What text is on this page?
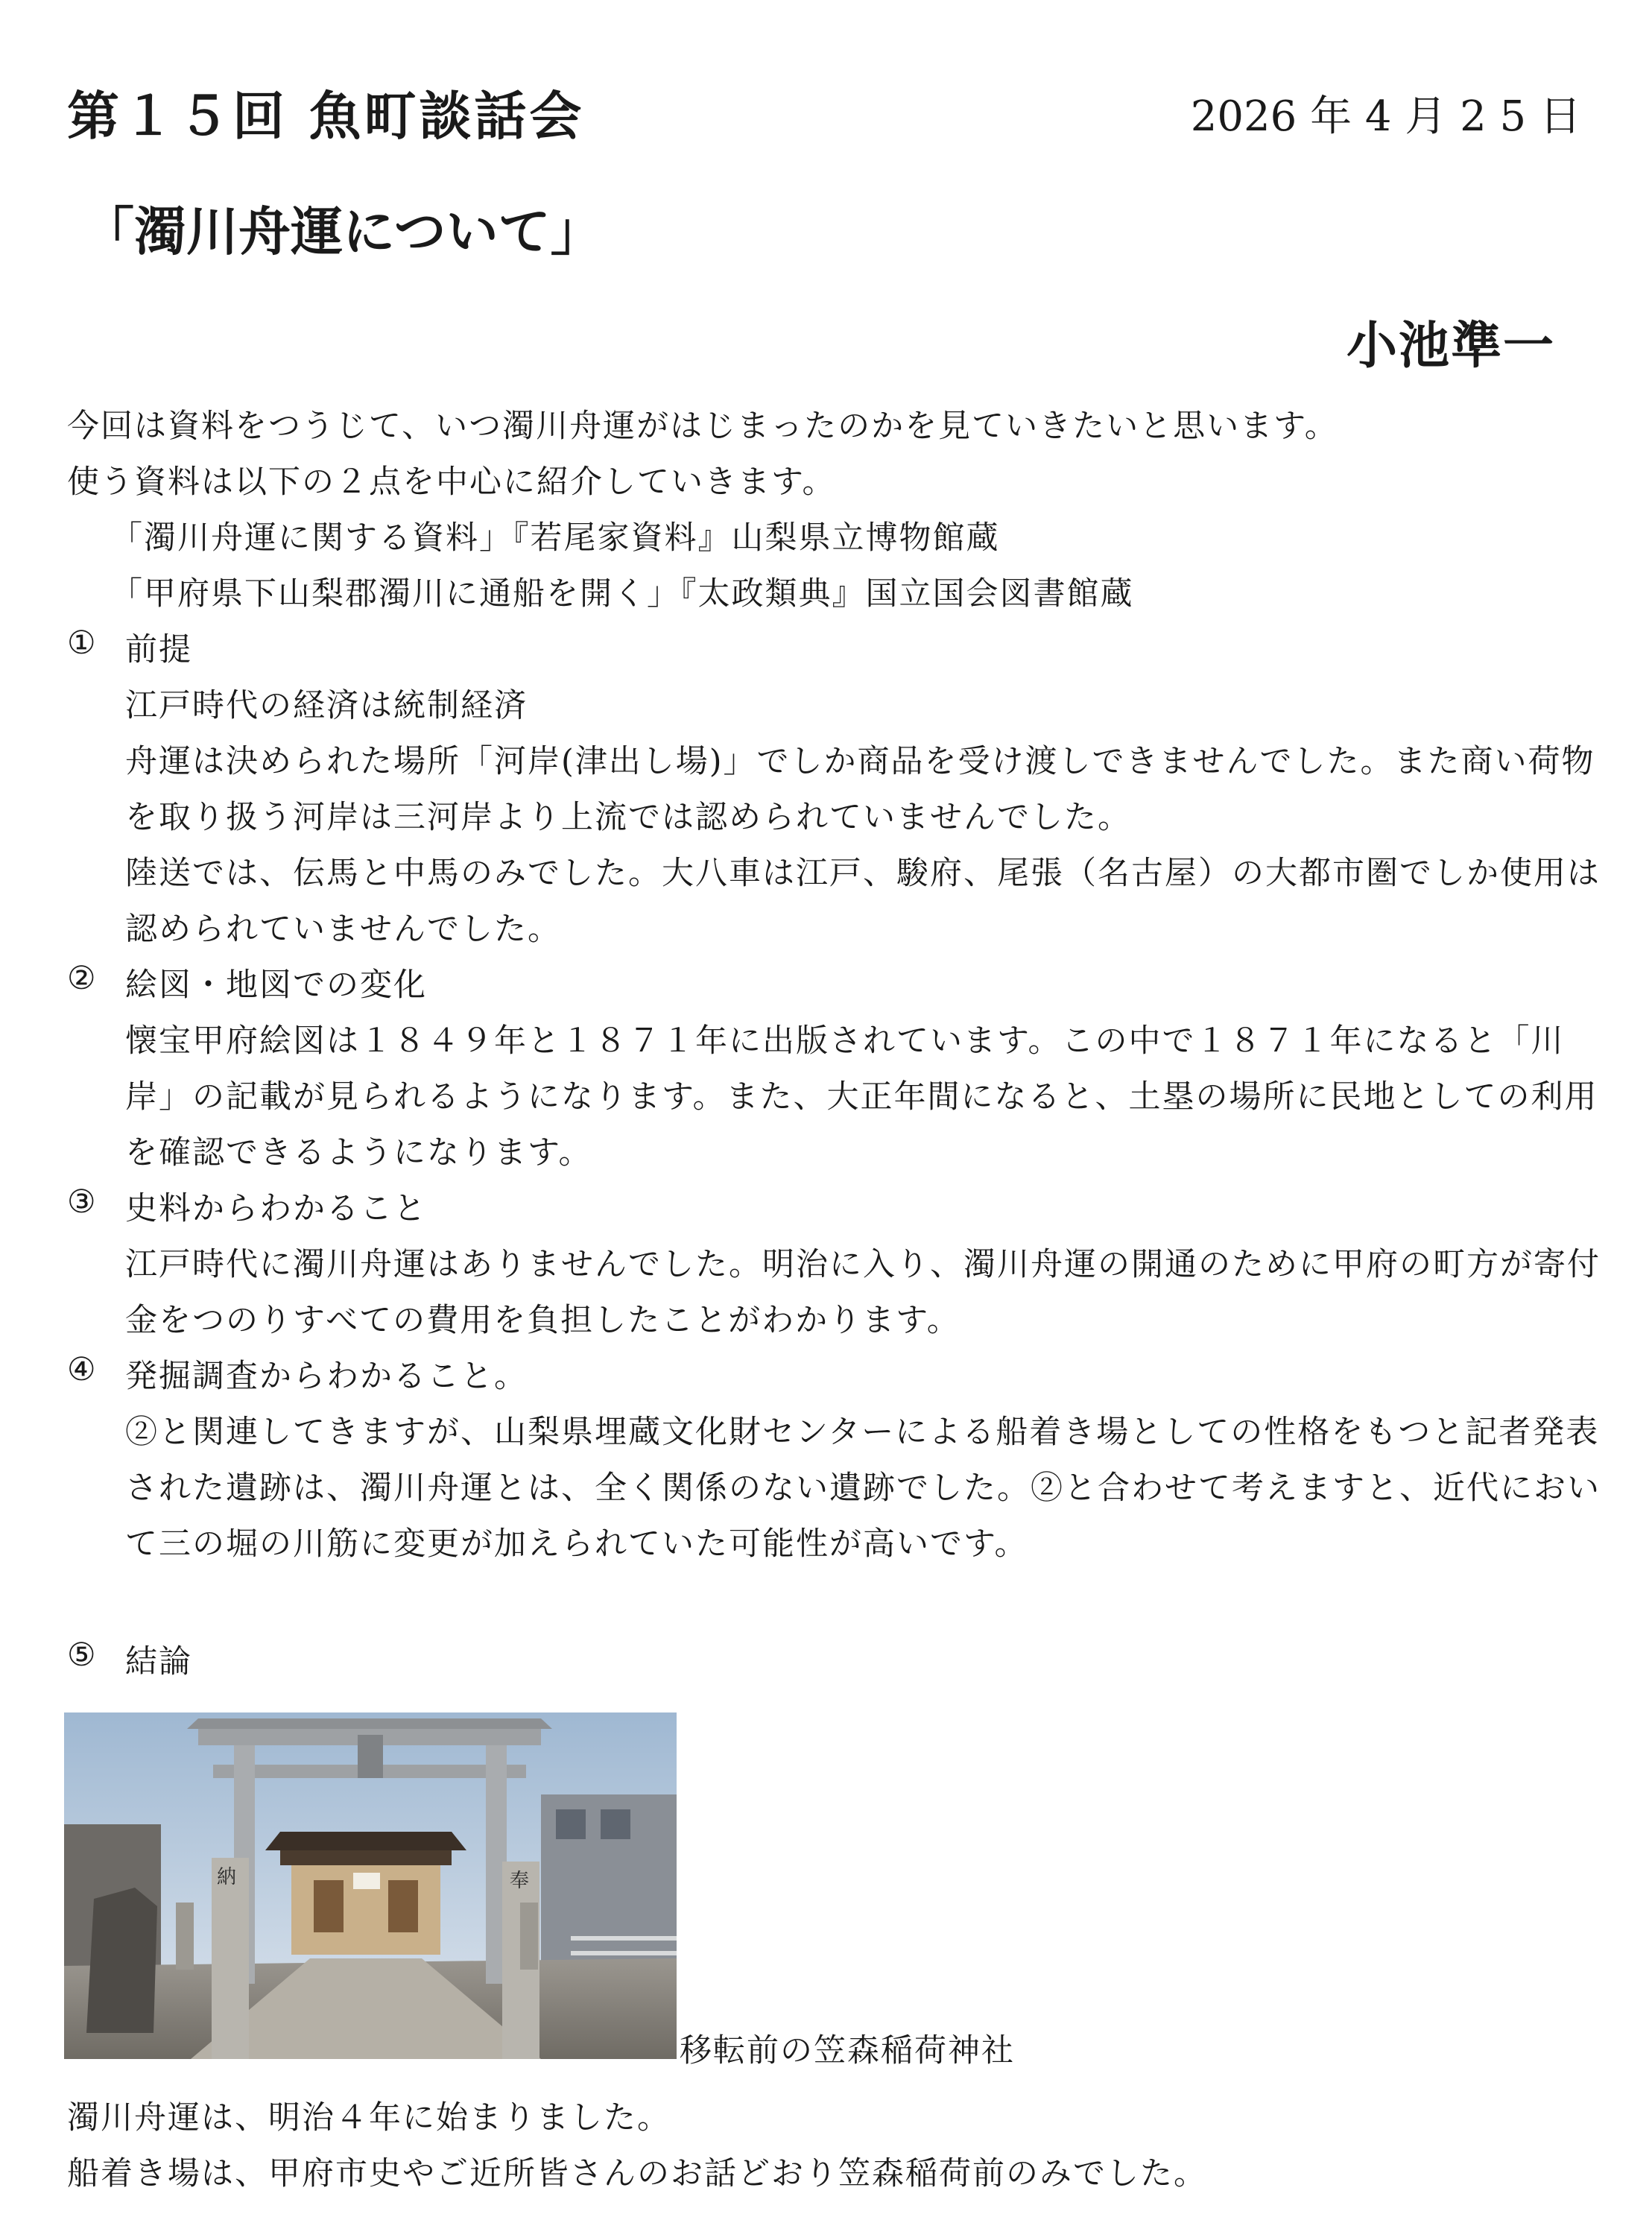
第１５回 魚町談話会	2026 年 4 月 2 5 日
「濁川舟運について」
小池準一
今回は資料をつうじて、いつ濁川舟運がはじまったのかを見ていきたいと思います。
使う資料は以下の２点を中心に紹介していきます。
「濁川舟運に関する資料」『若尾家資料』山梨県立博物館蔵
「甲府県下山梨郡濁川に通船を開く」『太政類典』国立国会図書館蔵
① 前提
江戸時代の経済は統制経済
舟運は決められた場所「河岸(津出し場)」でしか商品を受け渡しできませんでした。また商い荷物
を取り扱う河岸は三河岸より上流では認められていませんでした。
陸送では、伝馬と中馬のみでした。大八車は江戸、駿府、尾張（名古屋）の大都市圏でしか使用は
認められていませんでした。
② 絵図・地図での変化
懐宝甲府絵図は１８４９年と１８７１年に出版されています。この中で１８７１年になると「川
岸」の記載が見られるようになります。また、大正年間になると、土塁の場所に民地としての利用
を確認できるようになります。
③ 史料からわかること
江戸時代に濁川舟運はありませんでした。明治に入り、濁川舟運の開通のために甲府の町方が寄付
金をつのりすべての費用を負担したことがわかります。
④ 発掘調査からわかること。
②と関連してきますが、山梨県埋蔵文化財センターによる船着き場としての性格をもつと記者発表
された遺跡は、濁川舟運とは、全く関係のない遺跡でした。②と合わせて考えますと、近代におい
て三の堀の川筋に変更が加えられていた可能性が高いです。
⑤ 結論
納	奉
移転前の笠森稲荷神社
濁川舟運は、明治４年に始まりました。
船着き場は、甲府市史やご近所皆さんのお話どおり笠森稲荷前のみでした。
